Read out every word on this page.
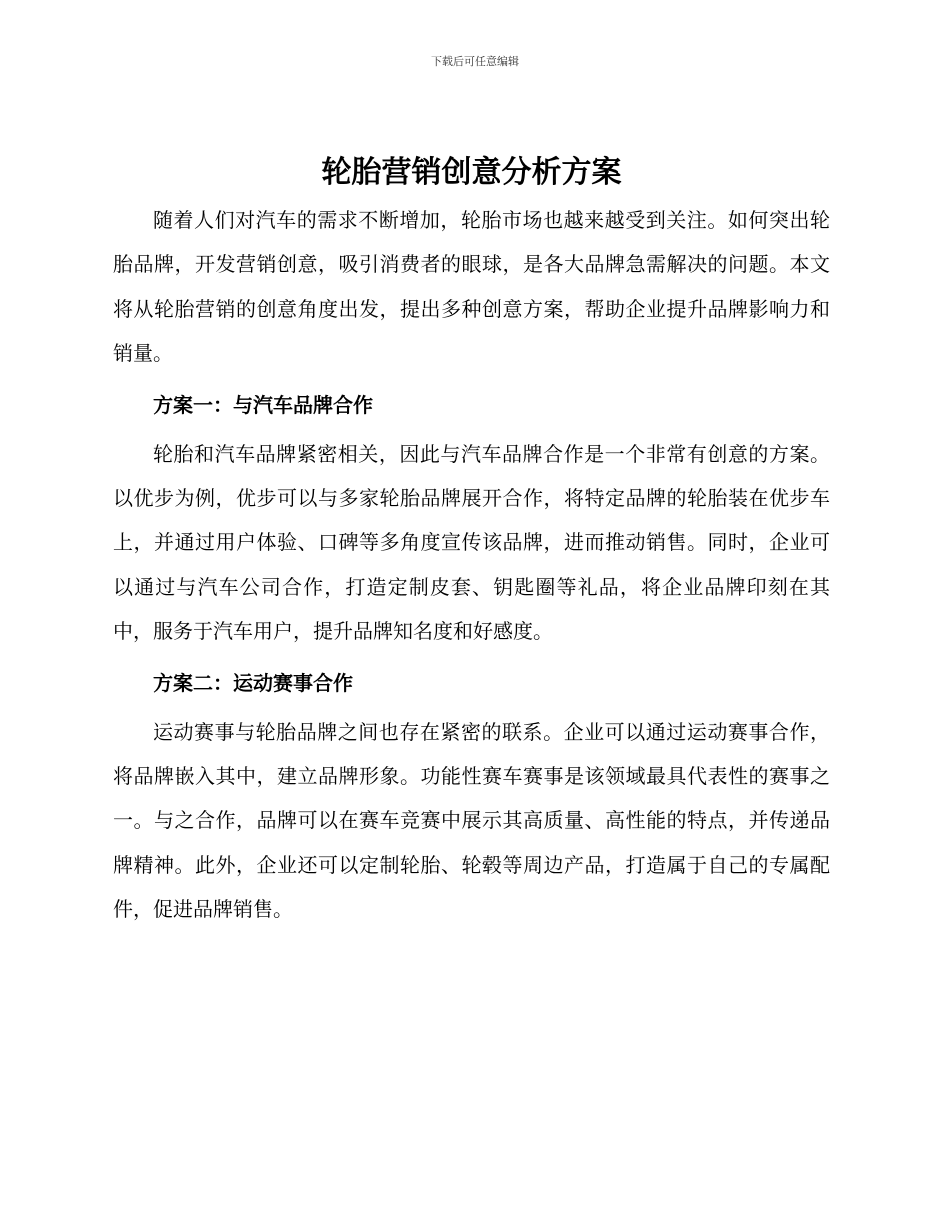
下载后可任意编辑
轮胎营销创意分析方案

随着人们对汽车的需求不断增加，轮胎市场也越来越受到关注。如何突出轮胎品牌，开发营销创意，吸引消费者的眼球，是各大品牌急需解决的问题。本文将从轮胎营销的创意角度出发，提出多种创意方案，帮助企业提升品牌影响力和销量。

方案一：与汽车品牌合作

轮胎和汽车品牌紧密相关，因此与汽车品牌合作是一个非常有创意的方案。以优步为例，优步可以与多家轮胎品牌展开合作，将特定品牌的轮胎装在优步车上，并通过用户体验、口碑等多角度宣传该品牌，进而推动销售。同时，企业可以通过与汽车公司合作，打造定制皮套、钥匙圈等礼品，将企业品牌印刻在其中，服务于汽车用户，提升品牌知名度和好感度。

方案二：运动赛事合作

运动赛事与轮胎品牌之间也存在紧密的联系。企业可以通过运动赛事合作，将品牌嵌入其中，建立品牌形象。功能性赛车赛事是该领域最具代表性的赛事之一。与之合作，品牌可以在赛车竞赛中展示其高质量、高性能的特点，并传递品牌精神。此外，企业还可以定制轮胎、轮毂等周边产品，打造属于自己的专属配件，促进品牌销售。
